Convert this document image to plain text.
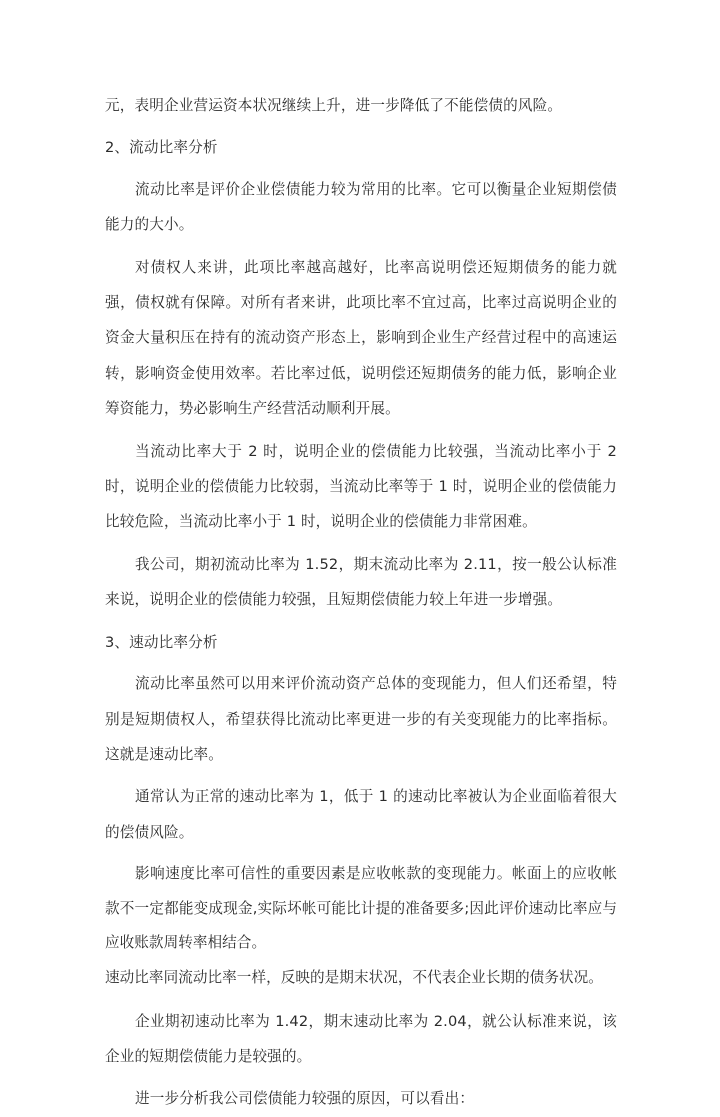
元，表明企业营运资本状况继续上升，进一步降低了不能偿债的风险。

2、流动比率分析

流动比率是评价企业偿债能力较为常用的比率。它可以衡量企业短期偿债能力的大小。

对债权人来讲，此项比率越高越好，比率高说明偿还短期债务的能力就强，债权就有保障。对所有者来讲，此项比率不宜过高，比率过高说明企业的资金大量积压在持有的流动资产形态上，影响到企业生产经营过程中的高速运转，影响资金使用效率。若比率过低，说明偿还短期债务的能力低，影响企业筹资能力，势必影响生产经营活动顺利开展。

当流动比率大于 2 时，说明企业的偿债能力比较强，当流动比率小于 2 时，说明企业的偿债能力比较弱，当流动比率等于 1 时，说明企业的偿债能力比较危险，当流动比率小于 1 时，说明企业的偿债能力非常困难。

我公司，期初流动比率为 1.52，期末流动比率为 2.11，按一般公认标准来说，说明企业的偿债能力较强，且短期偿债能力较上年进一步增强。

3、速动比率分析

流动比率虽然可以用来评价流动资产总体的变现能力，但人们还希望，特别是短期债权人，希望获得比流动比率更进一步的有关变现能力的比率指标。这就是速动比率。

通常认为正常的速动比率为 1，低于 1 的速动比率被认为企业面临着很大的偿债风险。

影响速度比率可信性的重要因素是应收帐款的变现能力。帐面上的应收帐款不一定都能变成现金,实际坏帐可能比计提的准备要多;因此评价速动比率应与应收账款周转率相结合。

速动比率同流动比率一样，反映的是期末状况，不代表企业长期的债务状况。

企业期初速动比率为 1.42，期末速动比率为 2.04，就公认标准来说，该企业的短期偿债能力是较强的。

进一步分析我公司偿债能力较强的原因，可以看出：
